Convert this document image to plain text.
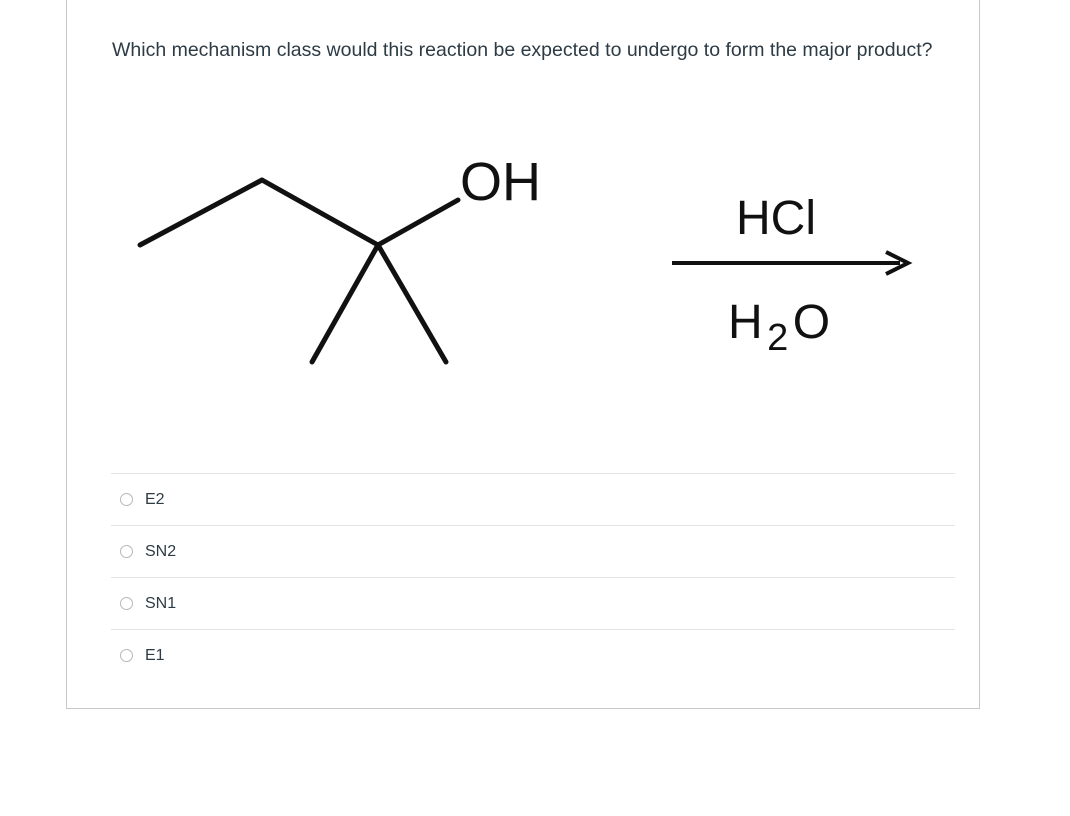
Which mechanism class would this reaction be expected to undergo to form the major product?

OH
HCl
H 2 O
E2
SN2
SN1
E1
